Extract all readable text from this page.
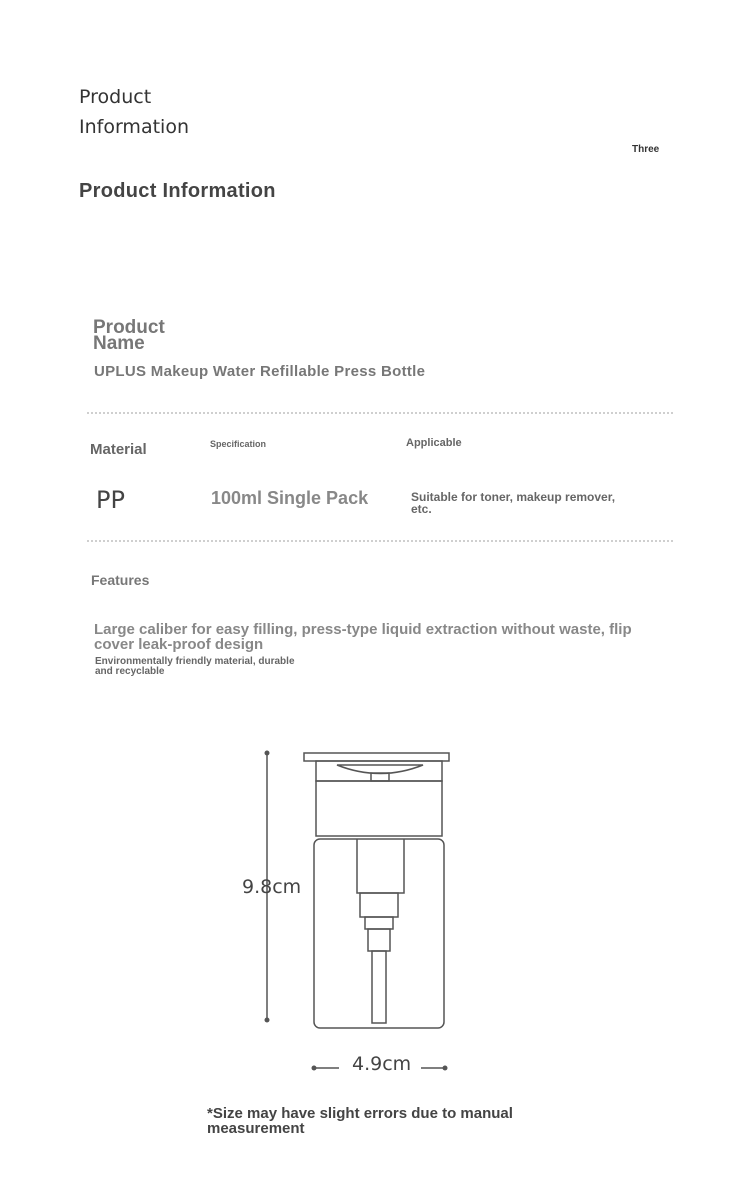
Product Information
Three
Product Information
Product Name
UPLUS Makeup Water Refillable Press Bottle
Material	Specification	Applicable
PP	100ml Single Pack	Suitable for toner, makeup remover, etc.
Features
Large caliber for easy filling, press-type liquid extraction without waste, flip cover leak-proof design
Environmentally friendly material, durable and recyclable
9.8cm
4.9cm
*Size may have slight errors due to manual measurement
